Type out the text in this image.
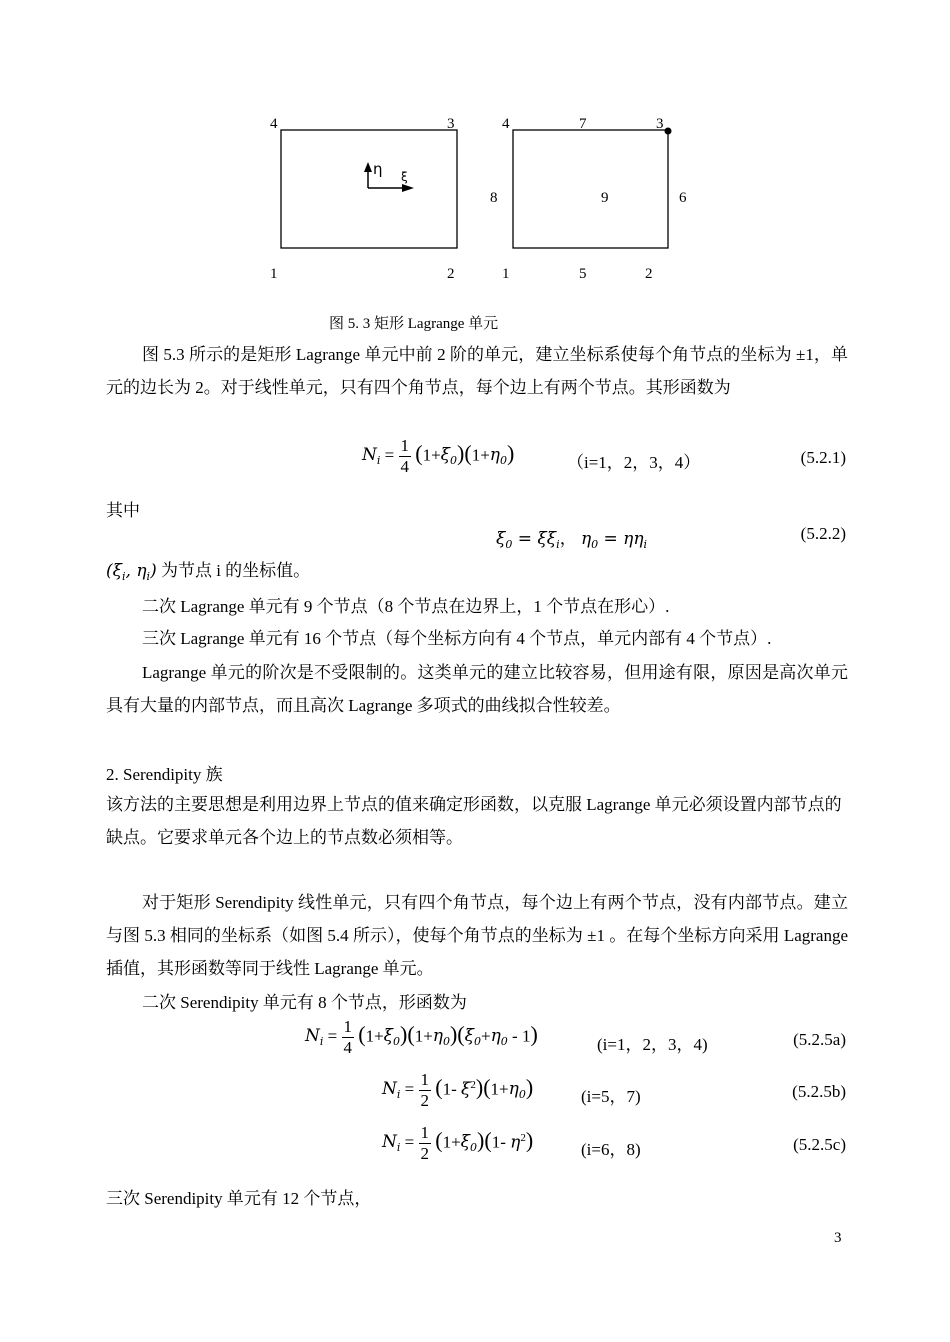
4	3
1	2
η ξ
4	7	3
8	9	6
1	5	2
图 5. 3 矩形 Lagrange 单元
图 5.3 所示的是矩形 Lagrange 单元中前 2 阶的单元，建立坐标系使每个角节点的坐标为 ±1，单元的边长为 2。对于线性单元，只有四个角节点，每个边上有两个节点。其形函数为
$N_i = \frac{1}{4} (1+\xi_0)(1+\eta_0)$	（i=1，2，3，4）	(5.2.1)
其中
$\xi_0 = \xi\xi_i$， $\eta_0 = \eta\eta_i$
(5.2.2)
($\xi_i$, $\eta_i$) 为节点 i 的坐标值。
二次 Lagrange 单元有 9 个节点（8 个节点在边界上，1 个节点在形心）.
三次 Lagrange 单元有 16 个节点（每个坐标方向有 4 个节点，单元内部有 4 个节点）.
Lagrange 单元的阶次是不受限制的。这类单元的建立比较容易，但用途有限，原因是高次单元具有大量的内部节点，而且高次 Lagrange 多项式的曲线拟合性较差。
2. Serendipity 族
该方法的主要思想是利用边界上节点的值来确定形函数，以克服 Lagrange 单元必须设置内部节点的缺点。它要求单元各个边上的节点数必须相等。
对于矩形 Serendipity 线性单元，只有四个角节点，每个边上有两个节点，没有内部节点。建立与图 5.3 相同的坐标系（如图 5.4 所示），使每个角节点的坐标为 ±1 。在每个坐标方向采用 Lagrange 插值，其形函数等同于线性 Lagrange 单元。
二次 Serendipity 单元有 8 个节点，形函数为
$N_i = \frac{1}{4} (1+\xi_0)(1+\eta_0)(\xi_0+\eta_0 - 1)$	(i=1，2，3，4)	(5.2.5a)
$N_i = \frac{1}{2} (1-$ $\xi^2)(1+\eta_0)$	(i=5，7)	(5.2.5b)
$N_i = \frac{1}{2} (1+\xi_0)(1-$ $\eta^2$)	(i=6，8)	(5.2.5c)
三次 Serendipity 单元有 12 个节点，
3
